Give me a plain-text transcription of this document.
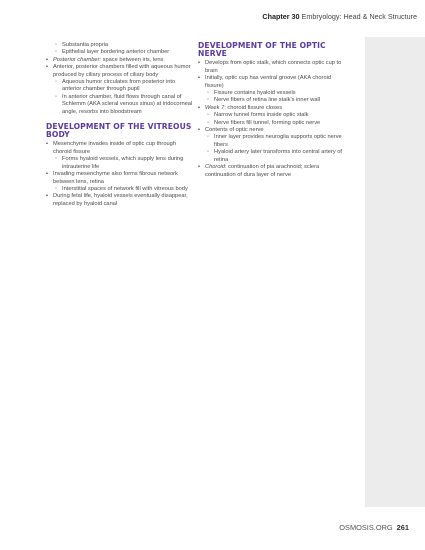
Chapter 30 Embryology: Head & Neck Structure
◦ Substantia propria
◦ Epithelial layer bordering anterior chamber
• Posterior chamber: space between iris, lens
• Anterior, posterior chambers filled with aqueous humor produced by ciliary process of ciliary body
◦ Aqueous humor circulates from posterior into anterior chamber through pupil
◦ In anterior chamber, fluid flows through canal of Schlemm (AKA scleral venous sinus) at iridocorneal angle, resorbs into bloodstream
DEVELOPMENT OF THE VITREOUS BODY
• Mesenchyme invades inside of optic cup through choroid fissure
◦ Forms hyaloid vessels, which supply lens during intrauterine life
• Invading mesenchyme also forms fibrous network between lens, retina
◦ Interstitial spaces of network fill with vitreous body
• During fetal life, hyaloid vessels eventually disappear, replaced by hyaloid canal
DEVELOPMENT OF THE OPTIC NERVE
• Develops from optic stalk, which connects optic cup to brain
• Initially, optic cup has ventral groove (AKA choroid fissure)
◦ Fissure contains hyaloid vessels
◦ Nerve fibers of retina line stalk's inner wall
• Week 7: choroid fissure closes
◦ Narrow tunnel forms inside optic stalk
◦ Nerve fibers fill tunnel, forming optic nerve
• Contents of optic nerve
◦ Inner layer provides neuroglia supports optic nerve fibers
◦ Hyaloid artery later transforms into central artery of retina
• Choroid: continuation of pia arachnoid; sclera continuation of dura layer of nerve
OSMOSIS.ORG 261
